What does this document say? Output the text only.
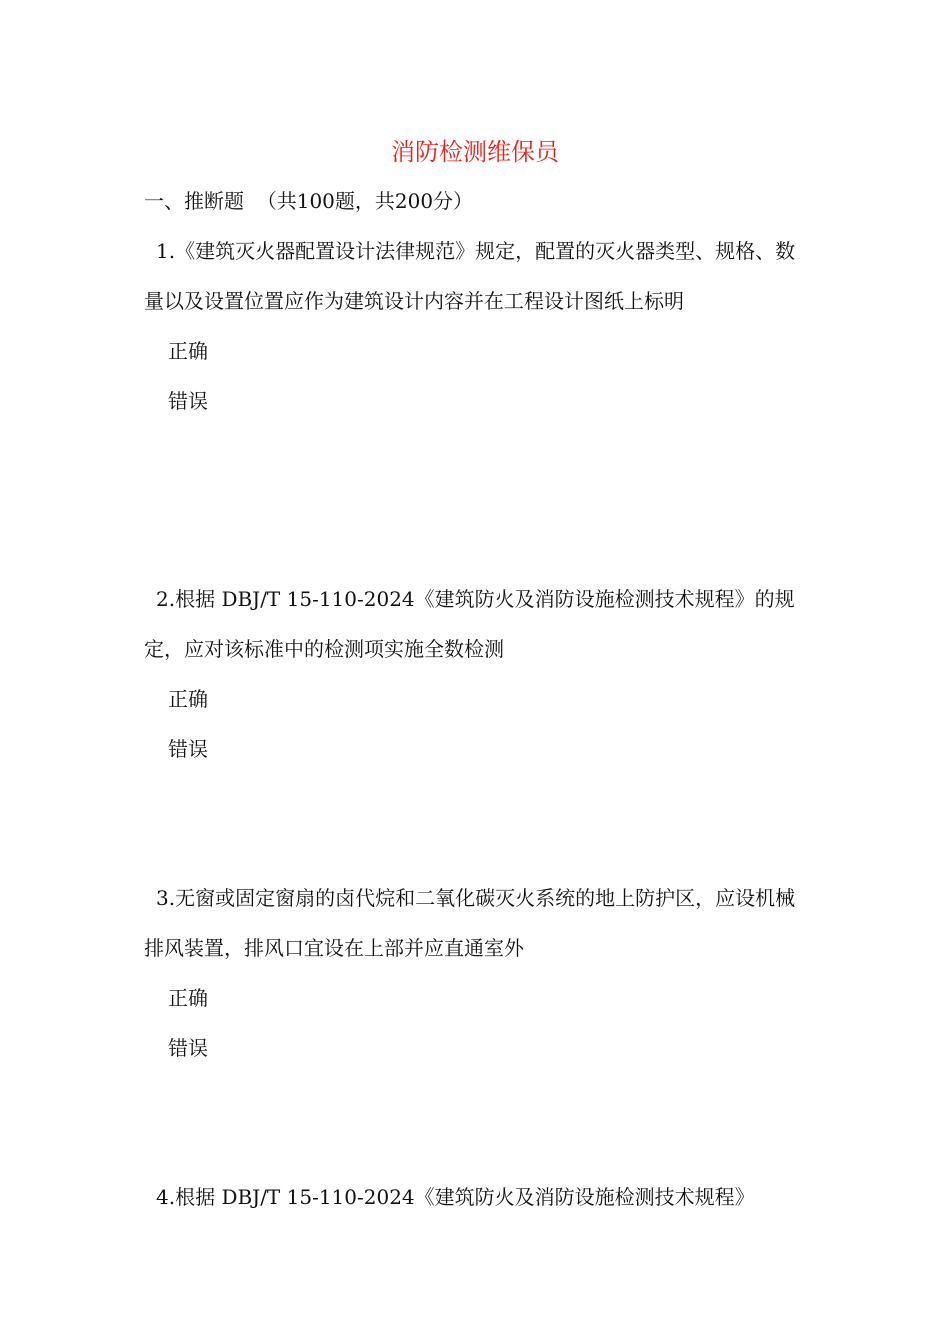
消防检测维保员
一、推断题  （共100题，共200分）

1.《建筑灭火器配置设计法律规范》规定，配置的灭火器类型、规格、数量以及设置位置应作为建筑设计内容并在工程设计图纸上标明

正确

错误

2.根据 DBJ/T 15-110-2024《建筑防火及消防设施检测技术规程》的规定，应对该标准中的检测项实施全数检测

正确

错误

3.无窗或固定窗扇的卤代烷和二氧化碳灭火系统的地上防护区，应设机械排风装置，排风口宜设在上部并应直通室外

正确

错误

4.根据 DBJ/T 15-110-2024《建筑防火及消防设施检测技术规程》
